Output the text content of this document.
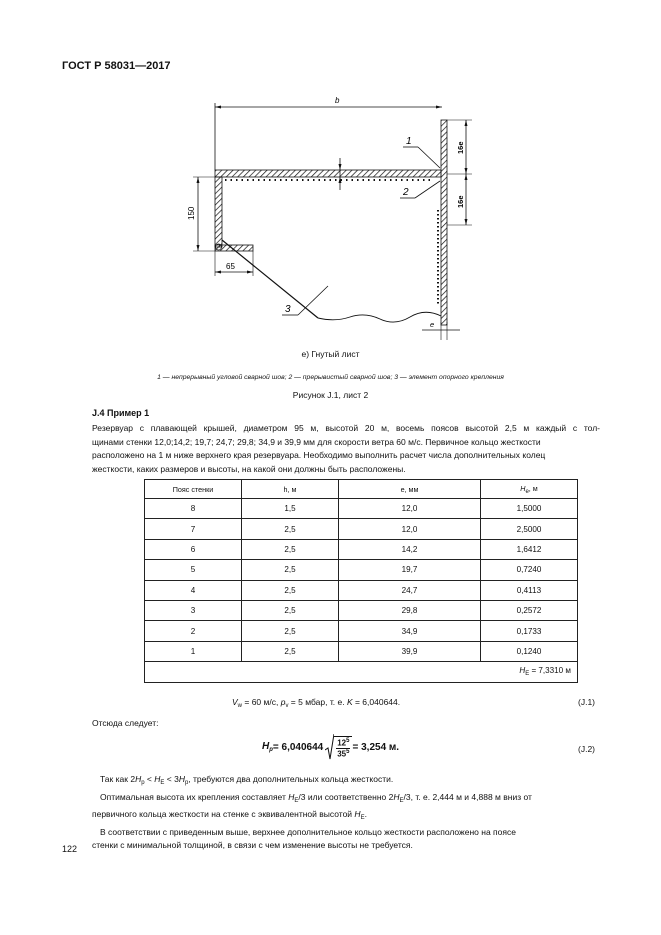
ГОСТ Р 58031—2017
b
150
65
16e
16e
e
1
2
3
е) Гнутый лист
1 — непрерывный угловой сварной шов; 2 — прерывистый сварной шов; 3 — элемент опорного крепления
Рисунок J.1, лист 2
J.4 Пример 1
Резервуар с плавающей крышей, диаметром 95 м, высотой 20 м, восемь поясов высотой 2,5 м каждый с тол-
щинами стенки 12,0;14,2; 19,7; 24,7; 29,8; 34,9 и 39,9 мм для скорости ветра 60 м/с. Первичное кольцо жесткости
расположено на 1 м ниже верхнего края резервуара. Необходимо выполнить расчет числа дополнительных колец
жесткости, каких размеров и высоты, на какой они должны быть расположены.
Пояс стенки	h, м	e, мм	$H_e$, м
8	1,5	12,0	1,5000
7	2,5	12,0	2,5000
6	2,5	14,2	1,6412
5	2,5	19,7	0,7240
4	2,5	24,7	0,4113
3	2,5	29,8	0,2572
2	2,5	34,9	0,1733
1	2,5	39,9	0,1240
$H_E = 7,3310$ м			
$V_w = 60$ м/с, $p_v = 5$ мбар, т. е. K = 6,040644.	(J.1)
Отсюда следует:
$H_p = 6,040644$ $12^5$
$35^5 = 3,254$ м.	(J.2)
Так как $2H_p < H_E < 3H_p$, требуются два дополнительных кольца жесткости.
Оптимальная высота их крепления составляет $H_E/3$ или соответственно $2H_E/3$, т. е. 2,444 м и 4,888 м вниз от
первичного кольца жесткости на стенке с эквивалентной высотой $H_E$.
В соответствии с приведенным выше, верхнее дополнительное кольцо жесткости расположено на поясе
стенки с минимальной толщиной, в связи с чем изменение высоты не требуется.
122
